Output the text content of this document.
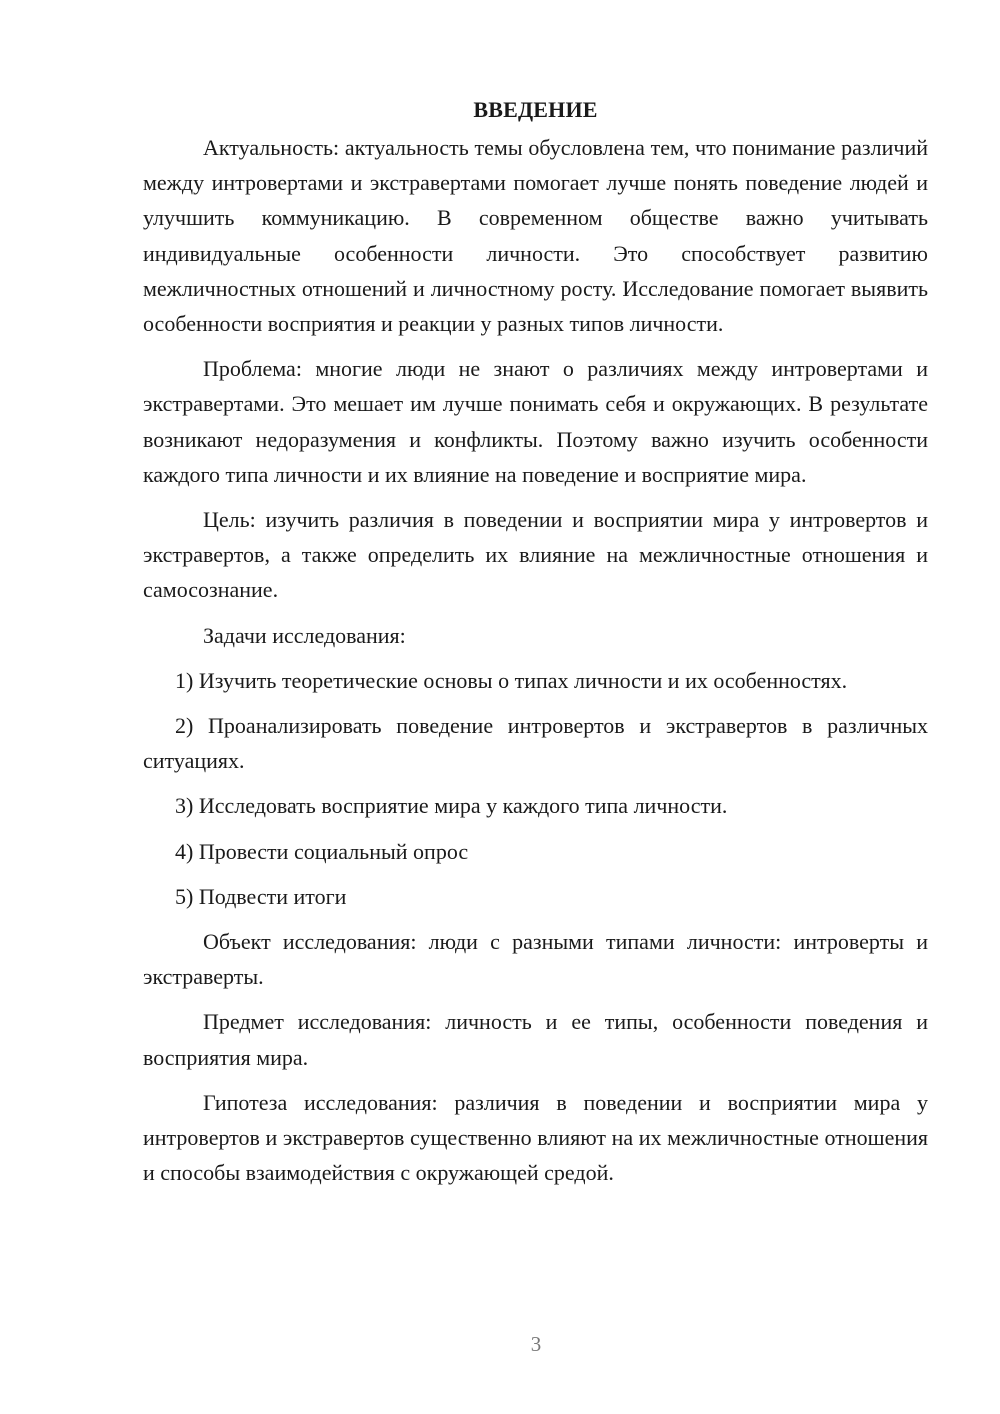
ВВЕДЕНИЕ

Актуальность: актуальность темы обусловлена тем, что понимание различий между интровертами и экстравертами помогает лучше понять поведение людей и улучшить коммуникацию. В современном обществе важно учитывать индивидуальные особенности личности. Это способствует развитию межличностных отношений и личностному росту. Исследование помогает выявить особенности восприятия и реакции у разных типов личности.

Проблема: многие люди не знают о различиях между интровертами и экстравертами. Это мешает им лучше понимать себя и окружающих. В результате возникают недоразумения и конфликты. Поэтому важно изучить особенности каждого типа личности и их влияние на поведение и восприятие мира.

Цель: изучить различия в поведении и восприятии мира у интровертов и экстравертов, а также определить их влияние на межличностные отношения и самосознание.

Задачи исследования:

1) Изучить теоретические основы о типах личности и их особенностях.

2) Проанализировать поведение интровертов и экстравертов в различных ситуациях.

3) Исследовать восприятие мира у каждого типа личности.

4) Провести социальный опрос

5) Подвести итоги

Объект исследования: люди с разными типами личности: интроверты и экстраверты.

Предмет исследования: личность и ее типы, особенности поведения и восприятия мира.

Гипотеза исследования: различия в поведении и восприятии мира у интровертов и экстравертов существенно влияют на их межличностные отношения и способы взаимодействия с окружающей средой.

3
